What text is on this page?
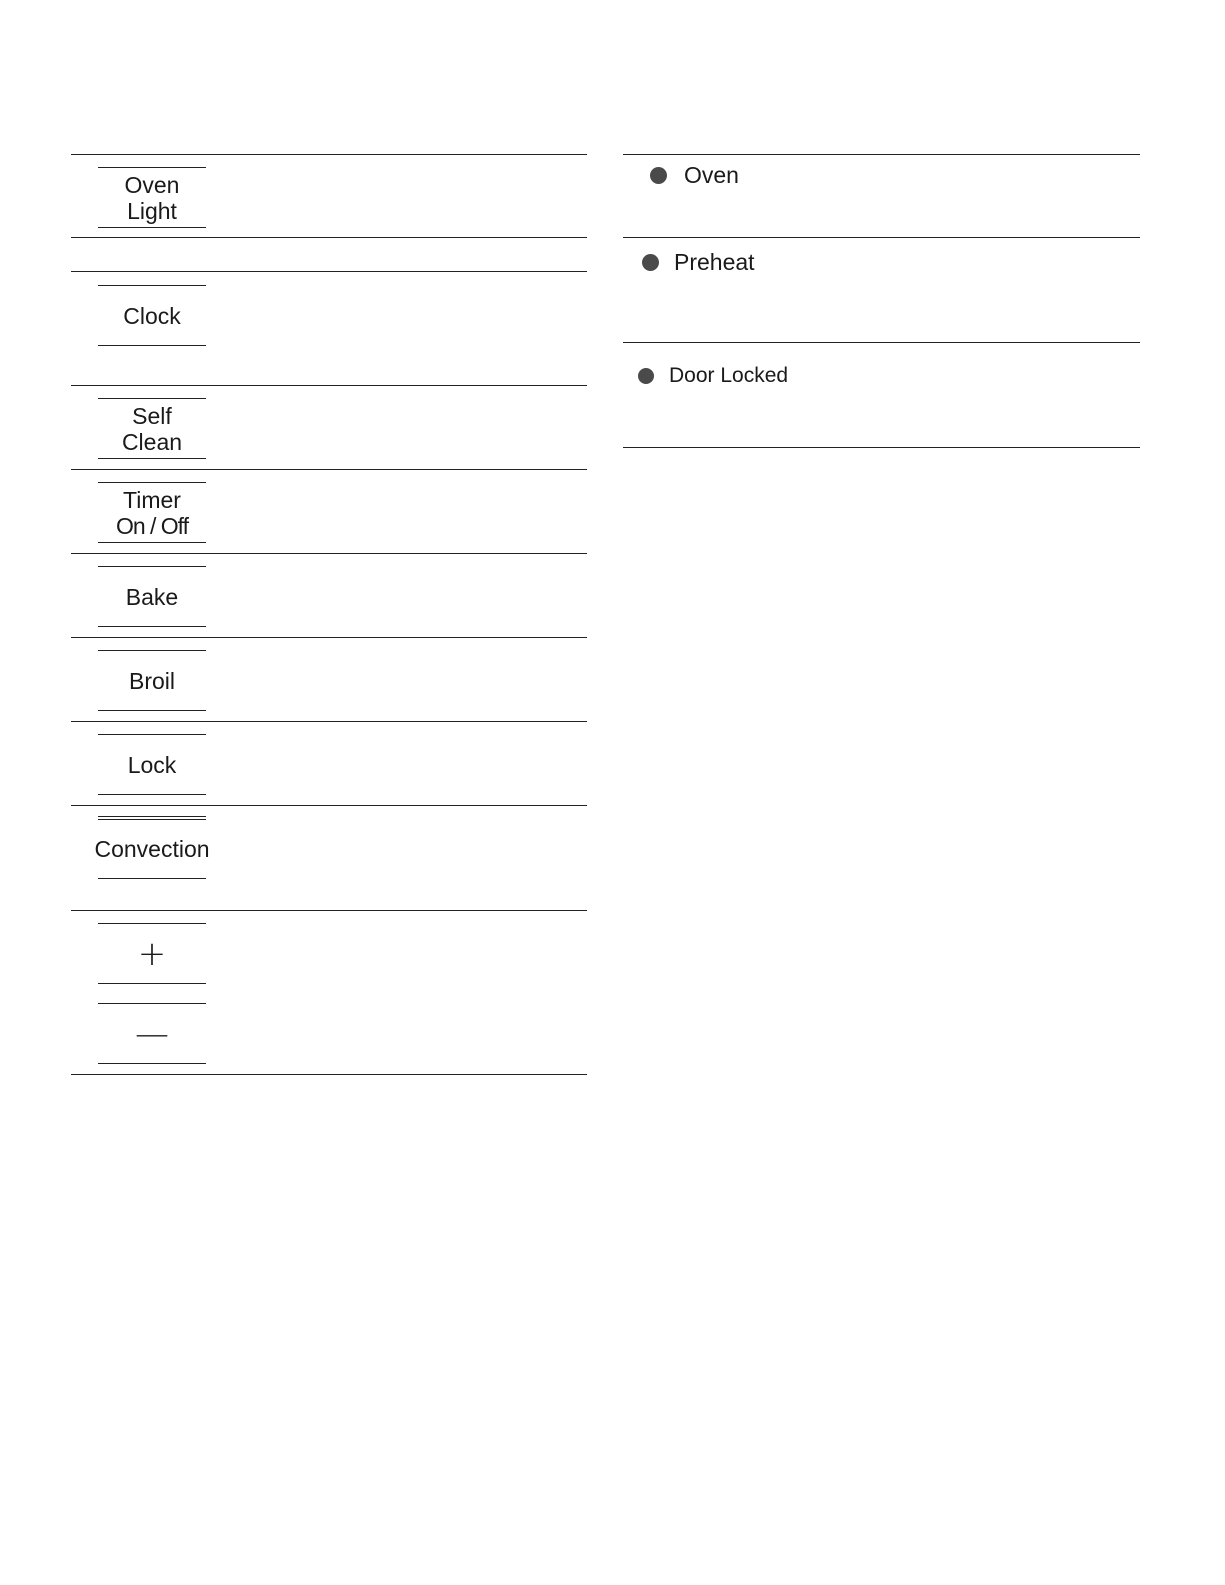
Oven
Light
Clock
Self
Clean
Timer
On / Off
Bake
Broil
Lock
Convection
+
—
Oven
Preheat
Door Locked
